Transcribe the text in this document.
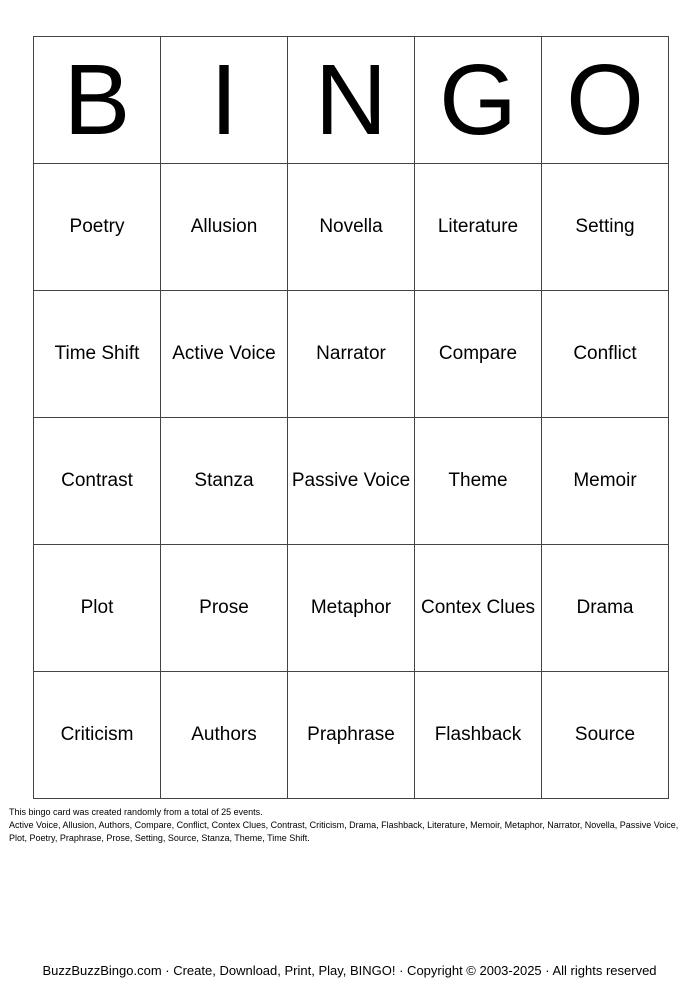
B	I	N	G	O
Poetry	Allusion	Novella	Literature	Setting
Time Shift	Active Voice	Narrator	Compare	Conflict
Contrast	Stanza	Passive Voice	Theme	Memoir
Plot	Prose	Metaphor	Contex Clues	Drama
Criticism	Authors	Praphrase	Flashback	Source
This bingo card was created randomly from a total of 25 events.
Active Voice, Allusion, Authors, Compare, Conflict, Contex Clues, Contrast, Criticism, Drama, Flashback, Literature, Memoir, Metaphor, Narrator, Novella, Passive Voice, Plot, Poetry, Praphrase, Prose, Setting, Source, Stanza, Theme, Time Shift.
BuzzBuzzBingo.com · Create, Download, Print, Play, BINGO! · Copyright © 2003-2025 · All rights reserved
